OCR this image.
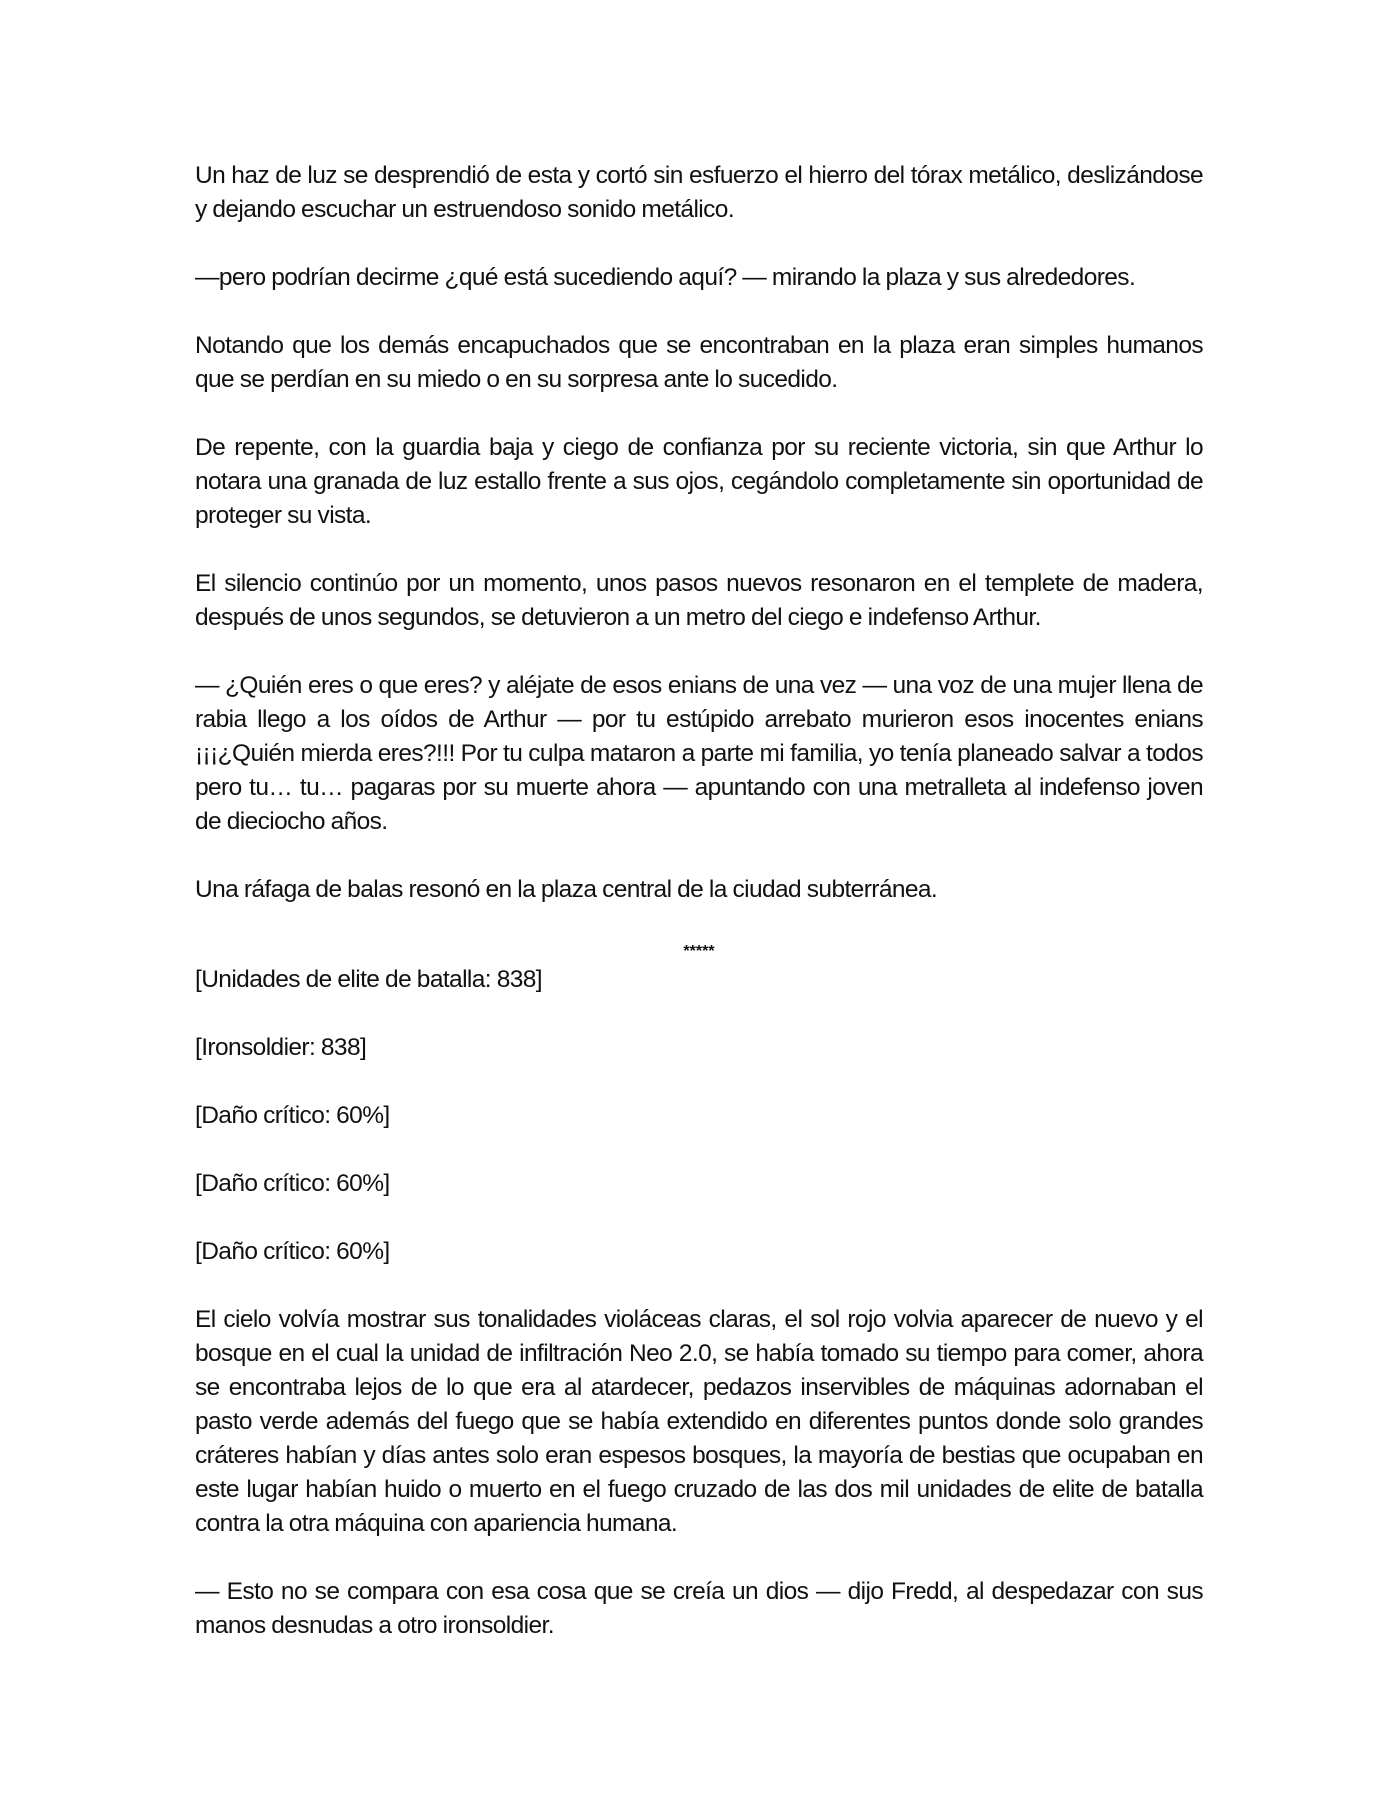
Un haz de luz se desprendió de esta y cortó sin esfuerzo el hierro del tórax metálico, deslizándose y dejando escuchar un estruendoso sonido metálico.

—pero podrían decirme ¿qué está sucediendo aquí? — mirando la plaza y sus alrededores.

Notando que los demás encapuchados que se encontraban en la plaza eran simples humanos que se perdían en su miedo o en su sorpresa ante lo sucedido.

De repente, con la guardia baja y ciego de confianza por su reciente victoria, sin que Arthur lo notara una granada de luz estallo frente a sus ojos, cegándolo completamente sin oportunidad de proteger su vista.

El silencio continúo por un momento, unos pasos nuevos resonaron en el templete de madera, después de unos segundos, se detuvieron a un metro del ciego e indefenso Arthur.

— ¿Quién eres o que eres? y aléjate de esos enians de una vez — una voz de una mujer llena de rabia llego a los oídos de Arthur — por tu estúpido arrebato murieron esos inocentes enians ¡¡¡¿Quién mierda eres?!!! Por tu culpa mataron a parte mi familia, yo tenía planeado salvar a todos pero tu… tu… pagaras por su muerte ahora — apuntando con una metralleta al indefenso joven de dieciocho años.

Una ráfaga de balas resonó en la plaza central de la ciudad subterránea.

*****

[Unidades de elite de batalla: 838]

[Ironsoldier: 838]

[Daño crítico: 60%]

[Daño crítico: 60%]

[Daño crítico: 60%]

El cielo volvía mostrar sus tonalidades violáceas claras, el sol rojo volvia aparecer de nuevo y el bosque en el cual la unidad de infiltración Neo 2.0, se había tomado su tiempo para comer, ahora se encontraba lejos de lo que era al atardecer, pedazos inservibles de máquinas adornaban el pasto verde además del fuego que se había extendido en diferentes puntos donde solo grandes cráteres habían y días antes solo eran espesos bosques, la mayoría de bestias que ocupaban en este lugar habían huido o muerto en el fuego cruzado de las dos mil unidades de elite de batalla contra la otra máquina con apariencia humana.

— Esto no se compara con esa cosa que se creía un dios — dijo Fredd, al despedazar con sus manos desnudas a otro ironsoldier.
